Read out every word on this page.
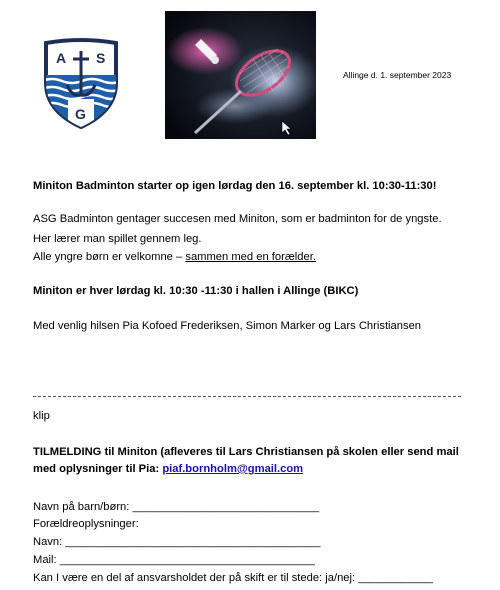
A S
G
Allinge d. 1. september 2023
Miniton Badminton starter op igen lørdag den 16. september kl. 10:30-11:30!
ASG Badminton gentager succesen med Miniton, som er badminton for de yngste.
Her lærer man spillet gennem leg.
Alle yngre børn er velkomne – sammen med en forælder.
Miniton er hver lørdag kl. 10:30 -11:30 i hallen i Allinge (BIKC)
Med venlig hilsen Pia Kofoed Frederiksen, Simon Marker og Lars Christiansen
klip
TILMELDING til Miniton (afleveres til Lars Christiansen på skolen eller send mail
med oplysninger til Pia: piaf.bornholm@gmail.com
Navn på barn/børn: ______________________________
Forældreoplysninger:
Navn: _________________________________________
Mail: _________________________________________
Kan I være en del af ansvarsholdet der på skift er til stede: ja/nej: ____________
